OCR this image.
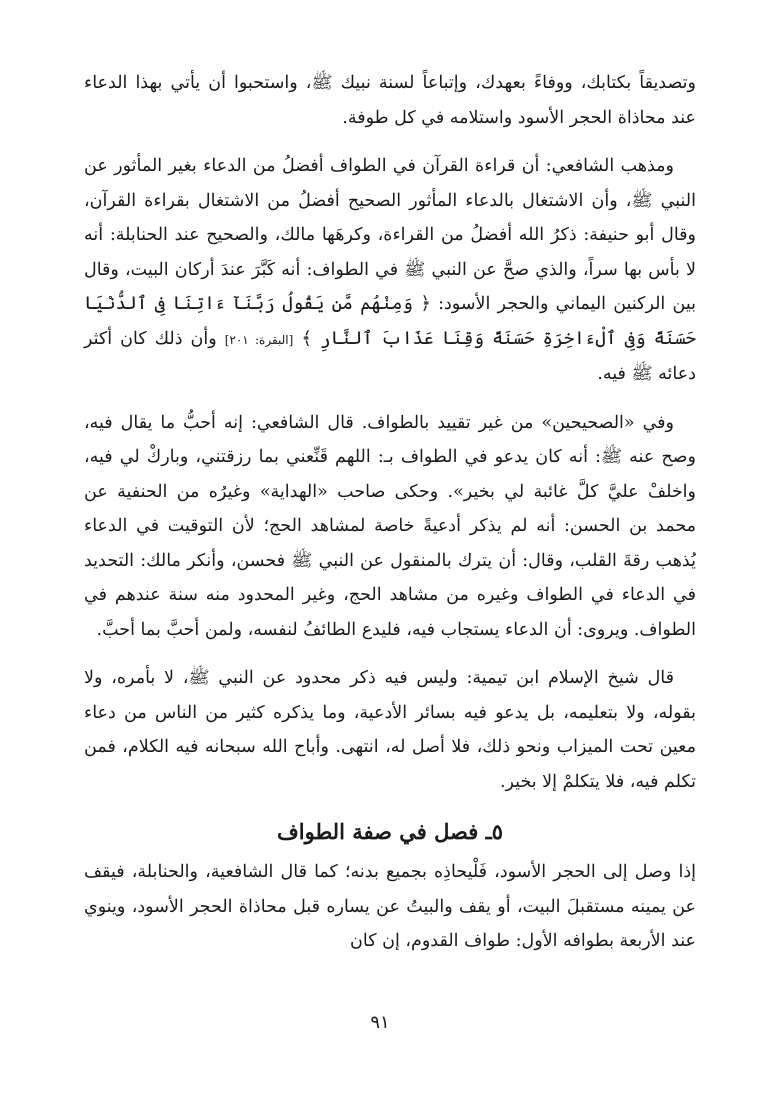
وتصديقاً بكتابك، ووفاءً بعهدك، وإتباعاً لسنة نبيك ﷺ، واستحبوا أن يأتي بهذا الدعاء عند محاذاة الحجر الأسود واستلامه في كل طوفة.

ومذهب الشافعي: أن قراءة القرآن في الطواف أفضلُ من الدعاء بغير المأثور عن النبي ﷺ، وأن الاشتغال بالدعاء المأثور الصحيح أفضلُ من الاشتغال بقراءة القرآن، وقال أبو حنيفة: ذكرُ الله أفضلُ من القراءة، وكرهَها مالك، والصحيح عند الحنابلة: أنه لا بأس بها سراً، والذي صحَّ عن النبي ﷺ في الطواف: أنه كَبَّرَ عندَ أركان البيت، وقال بين الركنين اليماني والحجر الأسود: ﴿ وَمِنْهُم مَّن يَقُولُ رَبَّنَآ ءَاتِنَا فِى ٱلدُّنْيَا حَسَنَةً وَفِى ٱلْءَاخِرَةِ حَسَنَةً وَقِنَا عَذَابَ ٱلنَّارِ ﴾ [البقرة: ٢٠١] وأن ذلك كان أكثر دعائه ﷺ فيه.

وفي «الصحيحين» من غير تقييد بالطواف. قال الشافعي: إنه أحبُّ ما يقال فيه، وصح عنه ﷺ: أنه كان يدعو في الطواف بـ: اللهم قَنِّعني بما رزقتني، وباركْ لي فيه، واخلفْ عليَّ كلَّ غائبة لي بخير». وحكى صاحب «الهداية» وغيرُه من الحنفية عن محمد بن الحسن: أنه لم يذكر أدعيةً خاصة لمشاهد الحج؛ لأن التوقيت في الدعاء يُذهب رقةَ القلب، وقال: أن يترك بالمنقول عن النبي ﷺ فحسن، وأنكر مالك: التحديد في الدعاء في الطواف وغيره من مشاهد الحج، وغير المحدود منه سنة عندهم في الطواف. ويروى: أن الدعاء يستجاب فيه، فليدع الطائفُ لنفسه، ولمن أحبَّ بما أحبَّ.

قال شيخ الإسلام ابن تيمية: وليس فيه ذكر محدود عن النبي ﷺ، لا بأمره، ولا بقوله، ولا بتعليمه، بل يدعو فيه بسائر الأدعية، وما يذكره كثير من الناس من دعاء معين تحت الميزاب ونحو ذلك، فلا أصل له، انتهى. وأباح الله سبحانه فيه الكلام، فمن تكلم فيه، فلا يتكلمْ إلا بخير.

٥ـ فصل في صفة الطواف

إذا وصل إلى الحجر الأسود، فَلْيحاذِه بجميع بدنه؛ كما قال الشافعية، والحنابلة، فيقف عن يمينه مستقبلَ البيت، أو يقف والبيتُ عن يساره قبل محاذاة الحجر الأسود، وينوي عند الأربعة بطوافه الأول: طواف القدوم، إن كان

٩١
